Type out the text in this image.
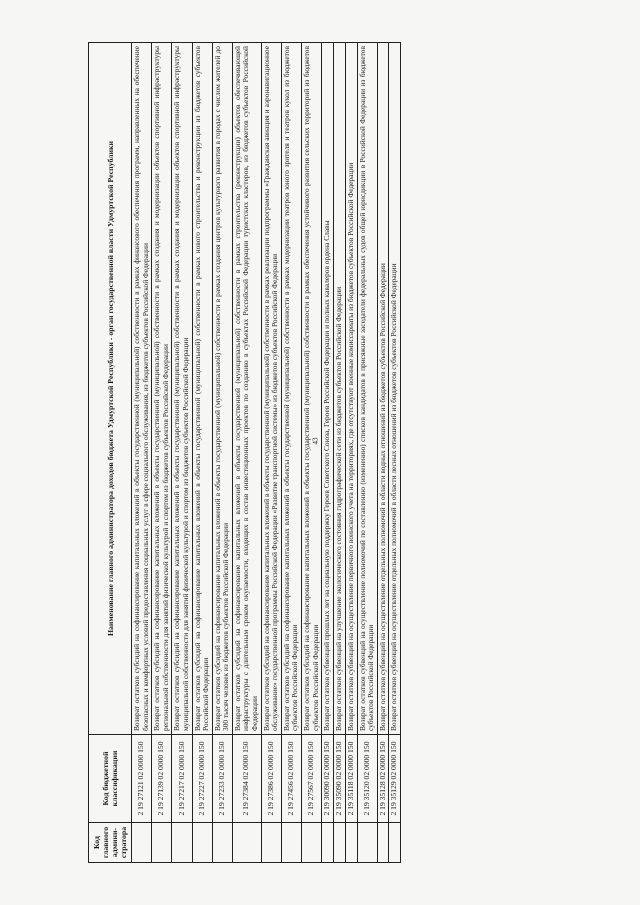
43
Код главного админи-стратора	Код бюджетной классификации	Наименование главного администратора доходов бюджета Удмуртской Республики - орган государственной власти Удмуртской Республики
	2 19 27121 02 0000 150	Возврат остатков субсидий на софинансирование капитальных вложений в объекты государственной (муниципальной) собственности в рамках финансового обеспечения программ, направленных на обеспечение безопасных и комфортных условий предоставления социальных услуг в сфере социального обслуживания, из бюджетов субъектов Российской Федерации
	2 19 27139 02 0000 150	Возврат остатков субсидий на софинансирование капитальных вложений в объекты государственной (муниципальной) собственности в рамках создания и модернизации объектов спортивной инфраструктуры региональной собственности для занятий физической культурой и спортом из бюджетов субъектов Российской Федерации
	2 19 27217 02 0000 150	Возврат остатков субсидий на софинансирование капитальных вложений в объекты государственной (муниципальной) собственности в рамках создания и модернизации объектов спортивной инфраструктуры муниципальной собственности для занятий физической культурой и спортом из бюджетов субъектов Российской Федерации
	2 19 27227 02 0000 150	Возврат остатков субсидий на софинансирование капитальных вложений в объекты государственной (муниципальной) собственности в рамках нового строительства и реконструкции из бюджетов субъектов Российской Федерации
	2 19 27233 02 0000 150	Возврат остатков субсидий на софинансирование капитальных вложений в объекты государственной (муниципальной) собственности в рамках создания центров культурного развития в городах с числом жителей до 300 тысяч человек из бюджетов субъектов Российской Федерации
	2 19 27384 02 0000 150	Возврат остатков субсидий на софинансирование капитальных вложений в объекты государственной (муниципальной) собственности в рамках строительства (реконструкции) объектов обеспечивающей инфраструктуры с длительным сроком окупаемости, входящих в состав инвестиционных проектов по созданию в субъектах Российской Федерации туристских кластеров, из бюджетов субъектов Российской Федерации
	2 19 27386 02 0000 150	Возврат остатков субсидий на софинансирование капитальных вложений в объекты государственной (муниципальной) собственности в рамках реализации подпрограммы «Гражданская авиация и аэронавигационное обслуживание» государственной программы Российской Федерации «Развитие транспортной системы» из бюджетов субъектов Российской Федерации
	2 19 27456 02 0000 150	Возврат остатков субсидий на софинансирование капитальных вложений в объекты государственной (муниципальной) собственности в рамках модернизации театров юного зрителя и театров кукол из бюджетов субъектов Российской Федерации
	2 19 27567 02 0000 150	Возврат остатков субсидий на софинансирование капитальных вложений в объекты государственной (муниципальной) собственности в рамках обеспечения устойчивого развития сельских территорий из бюджетов субъектов Российской Федерации
	2 19 30090 02 0000 150	Возврат остатков субвенций прошлых лет на социальную поддержку Героев Советского Союза, Героев Российской Федерации и полных кавалеров ордена Славы
	2 19 35090 02 0000 150	Возврат остатков субвенций на улучшение экологического состояния гидрографической сети из бюджетов субъектов Российской Федерации
	2 19 35118 02 0000 150	Возврат остатков субвенций на осуществление первичного воинского учета на территориях, где отсутствуют военные комиссариаты из бюджетов субъектов Российской Федерации
	2 19 35120 02 0000 150	Возврат остатков субвенций на осуществление полномочий по составлению (изменению) списков кандидатов в присяжные заседатели федеральных судов общей юрисдикции в Российской Федерации из бюджетов субъектов Российской Федерации
	2 19 35128 02 0000 150	Возврат остатков субвенций на осуществление отдельных полномочий в области водных отношений из бюджетов субъектов Российской Федерации
	2 19 35129 02 0000 150	Возврат остатков субвенций на осуществление отдельных полномочий в области лесных отношений из бюджетов субъектов Российской Федерации
